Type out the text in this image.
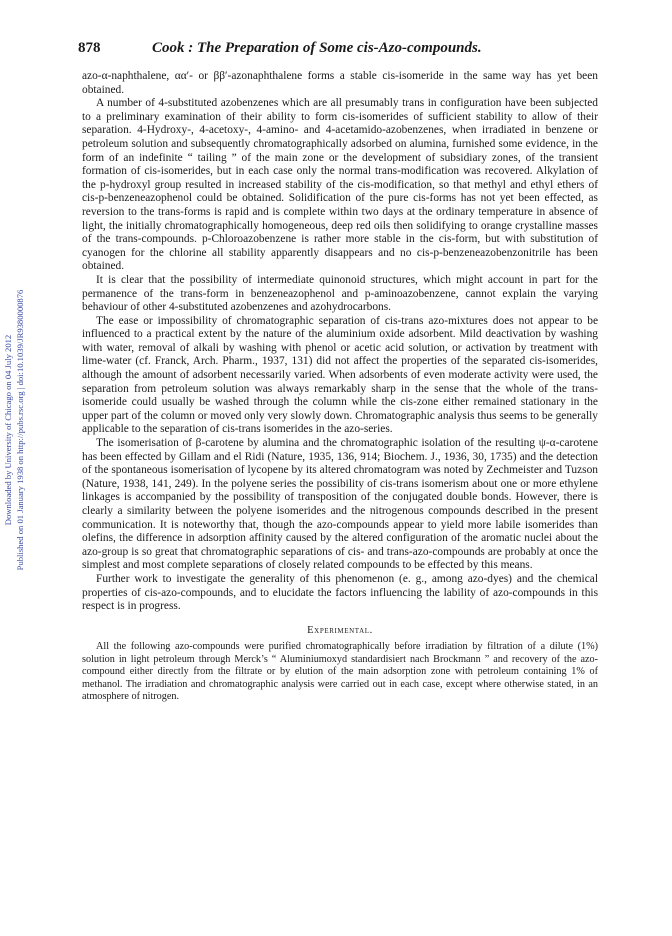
Downloaded by University of Chicago on 04 July 2012 Published on 01 January 1938 on http://pubs.rsc.org | doi:10.1039/JR9380000876
878	Cook : The Preparation of Some cis-Azo-compounds.

azo-α-naphthalene, αα′- or ββ′-azonaphthalene forms a stable cis-isomeride in the same way has yet been obtained.

A number of 4-substituted azobenzenes which are all presumably trans in configuration have been subjected to a preliminary examination of their ability to form cis-isomerides of sufficient stability to allow of their separation. 4-Hydroxy-, 4-acetoxy-, 4-amino- and 4-acetamido-azobenzenes, when irradiated in benzene or petroleum solution and subsequently chromatographically adsorbed on alumina, furnished some evidence, in the form of an indefinite “ tailing ” of the main zone or the development of subsidiary zones, of the transient formation of cis-isomerides, but in each case only the normal trans-modification was recovered. Alkylation of the p-hydroxyl group resulted in increased stability of the cis-modification, so that methyl and ethyl ethers of cis-p-benzeneazophenol could be obtained. Solidification of the pure cis-forms has not yet been effected, as reversion to the trans-forms is rapid and is complete within two days at the ordinary temperature in absence of light, the initially chromatographically homogeneous, deep red oils then solidifying to orange crystalline masses of the trans-compounds. p-Chloroazobenzene is rather more stable in the cis-form, but with substitution of cyanogen for the chlorine all stability apparently disappears and no cis-p-benzeneazobenzonitrile has been obtained.

It is clear that the possibility of intermediate quinonoid structures, which might account in part for the permanence of the trans-form in benzeneazophenol and p-aminoazobenzene, cannot explain the varying behaviour of other 4-substituted azobenzenes and azohydrocarbons.

The ease or impossibility of chromatographic separation of cis-trans azo-mixtures does not appear to be influenced to a practical extent by the nature of the aluminium oxide adsorbent. Mild deactivation by washing with water, removal of alkali by washing with phenol or acetic acid solution, or activation by treatment with lime-water (cf. Franck, Arch. Pharm., 1937, 131) did not affect the properties of the separated cis-isomerides, although the amount of adsorbent necessarily varied. When adsorbents of even moderate activity were used, the separation from petroleum solution was always remarkably sharp in the sense that the whole of the trans-isomeride could usually be washed through the column while the cis-zone either remained stationary in the upper part of the column or moved only very slowly down. Chromatographic analysis thus seems to be generally applicable to the separation of cis-trans isomerides in the azo-series.

The isomerisation of β-carotene by alumina and the chromatographic isolation of the resulting ψ-α-carotene has been effected by Gillam and el Ridi (Nature, 1935, 136, 914; Biochem. J., 1936, 30, 1735) and the detection of the spontaneous isomerisation of lycopene by its altered chromatogram was noted by Zechmeister and Tuzson (Nature, 1938, 141, 249). In the polyene series the possibility of cis-trans isomerism about one or more ethylene linkages is accompanied by the possibility of transposition of the conjugated double bonds. However, there is clearly a similarity between the polyene isomerides and the nitrogenous compounds described in the present communication. It is noteworthy that, though the azo-compounds appear to yield more labile isomerides than olefins, the difference in adsorption affinity caused by the altered configuration of the aromatic nuclei about the azo-group is so great that chromatographic separations of cis- and trans-azo-compounds are probably at once the simplest and most complete separations of closely related compounds to be effected by this means.

Further work to investigate the generality of this phenomenon (e. g., among azo-dyes) and the chemical properties of cis-azo-compounds, and to elucidate the factors influencing the lability of azo-compounds in this respect is in progress.

Experimental.

All the following azo-compounds were purified chromatographically before irradiation by filtration of a dilute (1%) solution in light petroleum through Merck’s “ Aluminiumoxyd standardisiert nach Brockmann ” and recovery of the azo-compound either directly from the filtrate or by elution of the main adsorption zone with petroleum containing 1% of methanol. The irradiation and chromatographic analysis were carried out in each case, except where otherwise stated, in an atmosphere of nitrogen.
